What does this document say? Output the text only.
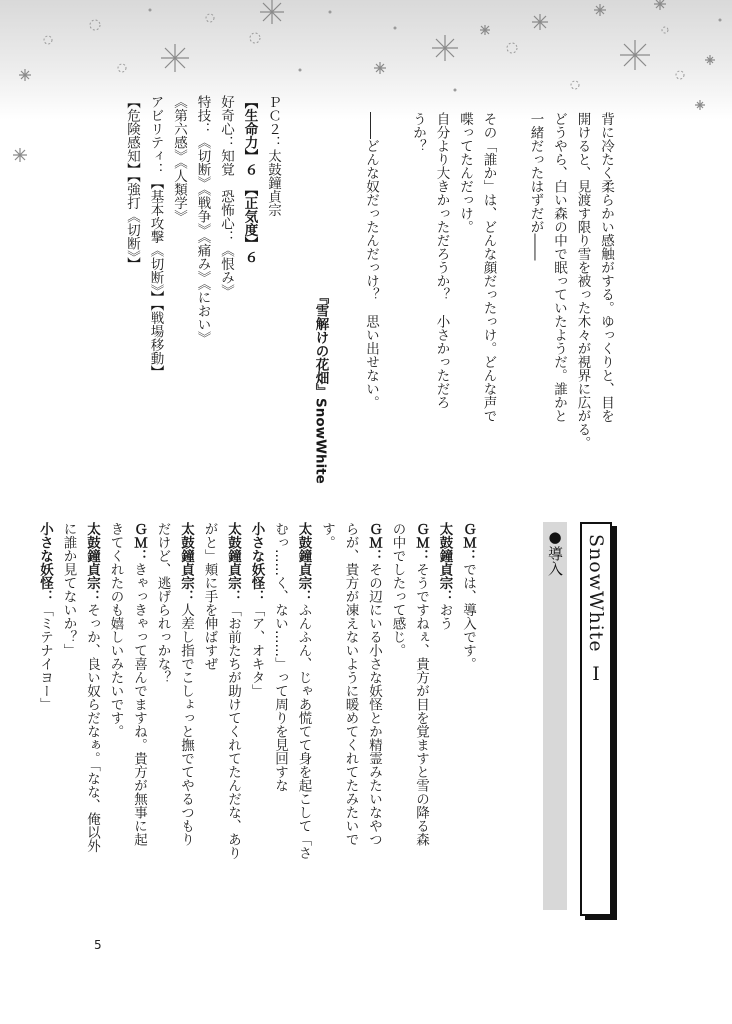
背に冷たく柔らかい感触がする。ゆっくりと、目を

開けると、見渡す限り雪を被った木々が視界に広がる。

どうやら、白い森の中で眠っていたようだ。誰かと

一緒だったはずだが――

その「誰か」は、どんな顔だったっけ。どんな声で

喋ってたんだっけ。

自分より大きかっただろうか？　小さかっただろ

うか？

――どんな奴だったんだっけ？　思い出せない。

『雪解けの花畑』SnowWhite

ＰＣ２：太鼓鐘貞宗

【生命力】６　【正気度】６

好奇心：知覚　恐怖心：《恨み》

特技：《切断》《戦争》《痛み》《におい》

《第六感》《人類学》

アビリティ：【基本攻撃《切断》】【戦場移動】

【危険感知】【強打《切断》】

SnowWhiteⅠ
●導入

ＧＭ：では、導入です。

太鼓鐘貞宗：おう

ＧＭ：そうですねぇ、貴方が目を覚ますと雪の降る森

の中でしたって感じ。

ＧＭ：その辺にいる小さな妖怪とか精霊みたいなやつ

らが、貴方が凍えないように暖めてくれてたみたいで

す。

太鼓鐘貞宗：ふんふん、じゃあ慌てて身を起こして「さ

むっ……く、ない……」って周りを見回すな

小さな妖怪：「ア、オキタ」

太鼓鐘貞宗：「お前たちが助けてくれてたんだな、あり

がと」頬に手を伸ばすぜ

太鼓鐘貞宗：人差し指でこしょっと撫でてやるつもり

だけど、逃げられっかな？

ＧＭ：きゃっきゃって喜んでますね。貴方が無事に起

きてくれたのも嬉しいみたいです。

太鼓鐘貞宗：そっか、良い奴らだなぁ。「なな、俺以外

に誰か見てないか？」

小さな妖怪：「ミテナイヨー」

5
